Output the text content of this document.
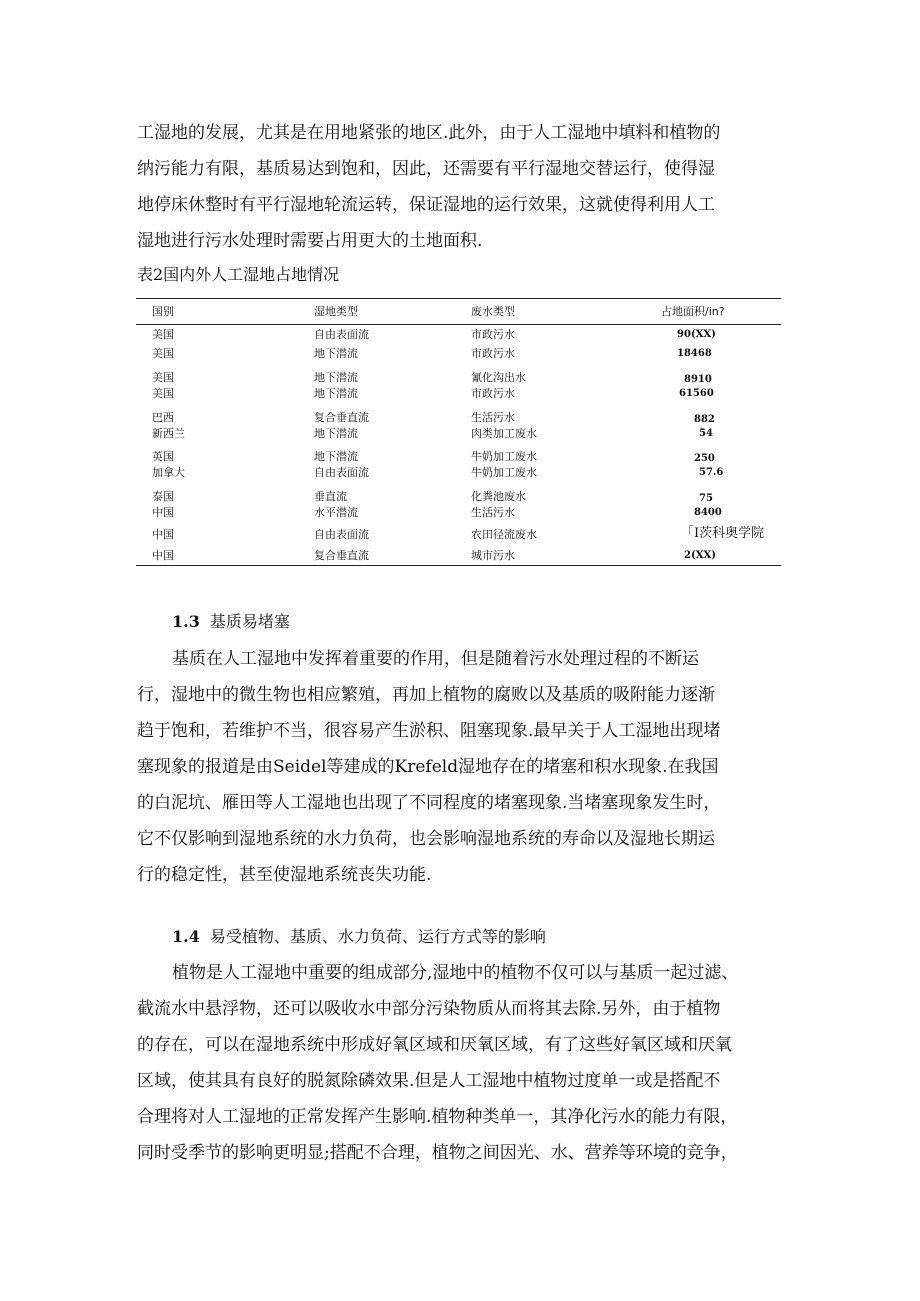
工湿地的发展，尤其是在用地紧张的地区.此外，由于人工湿地中填料和植物的
纳污能力有限，基质易达到饱和，因此，还需要有平行湿地交替运行，使得湿
地停床休整时有平行湿地轮流运转，保证湿地的运行效果，这就使得利用人工
湿地进行污水处理时需要占用更大的土地面积.
表2国内外人工湿地占地情况
国别	湿地类型	废水类型	占地面积/in?
美国	自由表面流	市政污水	90(XX)
美国	地下潜流	市政污水	18468
美国	地下潜流	氰化沟出水	8910
美国	地下潜流	市政污水	61560
巴西	复合垂直流	生活污水	882
新西兰	地下潜流	肉类加工废水	54
英国	地下潜流	牛奶加工废水	250
加拿大	自由表面流	牛奶加工废水	57.6
泰国	垂直流	化粪池废水	75
中国	水平潜流	生活污水	8400
中国	自由表面流	农田径流废水	「I茨科奥学院
中国	复合垂直流	城市污水	2(XX)
1.3 基质易堵塞
基质在人工湿地中发挥着重要的作用，但是随着污水处理过程的不断运
行，湿地中的微生物也相应繁殖，再加上植物的腐败以及基质的吸附能力逐渐
趋于饱和，若维护不当，很容易产生淤积、阻塞现象.最早关于人工湿地出现堵
塞现象的报道是由Seidel等建成的Krefeld湿地存在的堵塞和积水现象.在我国
的白泥坑、雁田等人工湿地也出现了不同程度的堵塞现象.当堵塞现象发生时，
它不仅影响到湿地系统的水力负荷，也会影响湿地系统的寿命以及湿地长期运
行的稳定性，甚至使湿地系统丧失功能.
1.4 易受植物、基质、水力负荷、运行方式等的影响
植物是人工湿地中重要的组成部分,湿地中的植物不仅可以与基质一起过滤、
截流水中悬浮物，还可以吸收水中部分污染物质从而将其去除.另外，由于植物
的存在，可以在湿地系统中形成好氧区域和厌氧区域，有了这些好氧区域和厌氧
区域，使其具有良好的脱氮除磷效果.但是人工湿地中植物过度单一或是搭配不
合理将对人工湿地的正常发挥产生影响.植物种类单一，其净化污水的能力有限，
同时受季节的影响更明显;搭配不合理，植物之间因光、水、营养等环境的竞争，
